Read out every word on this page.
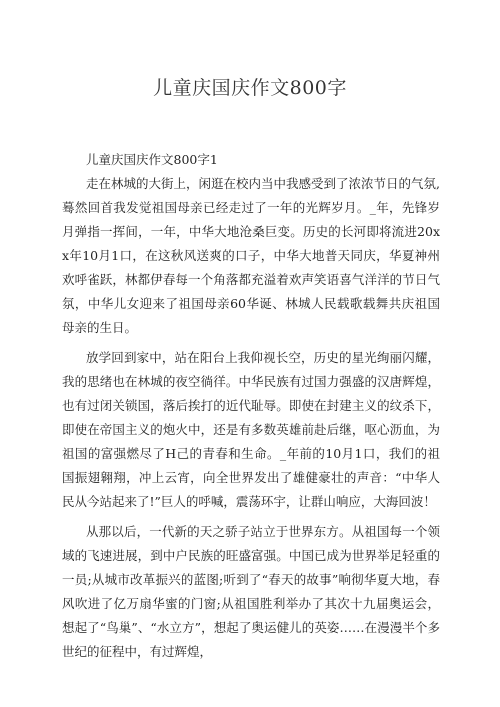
儿童庆国庆作文800字

儿童庆国庆作文800字1

走在林城的大街上，闲逛在校内当中我感受到了浓浓节日的气氛,蓦然回首我发觉祖国母亲已经走过了一年的光辉岁月。_年，先锋岁月弹指一挥间，一年，中华大地沧桑巨变。历史的长河即将流进20xx年10月1口，在这秋风送爽的口子，中华大地普天同庆，华夏神州欢呼雀跃，林都伊春每一个角落都充溢着欢声笑语喜气洋洋的节日气氛，中华儿女迎来了祖国母亲60华诞、林城人民载歌载舞共庆祖国母亲的生日。

放学回到家中，站在阳台上我仰视长空，历史的星光绚丽闪耀，我的思绪也在林城的夜空徜徉。中华民族有过国力强盛的汉唐辉煌，也有过闭关锁国，落后挨打的近代耻辱。即使在封建主义的纹杀下，即使在帝国主义的炮火中，还是有多数英雄前赴后继，呕心沥血，为祖国的富强燃尽了H己的青春和生命。_年前的10月1口，我们的祖国振翅翱翔，冲上云宵，向全世界发出了雄健豪壮的声音：“中华人民从今站起来了!”巨人的呼喊，震荡环宇，让群山响应，大海回波！

从那以后，一代新的天之骄子站立于世界东方。从祖国每一个领域的飞速进展，到中户民族的旺盛富强。中国已成为世界举足轻重的一员;从城市改革振兴的蓝图;听到了“春天的故事”响彻华夏大地，春风吹进了亿万扇华蜜的门窗;从祖国胜利举办了其次十九届奥运会，想起了“鸟巢”、“水立方”，想起了奥运健儿的英姿……在漫漫半个多世纪的征程中，有过辉煌，
